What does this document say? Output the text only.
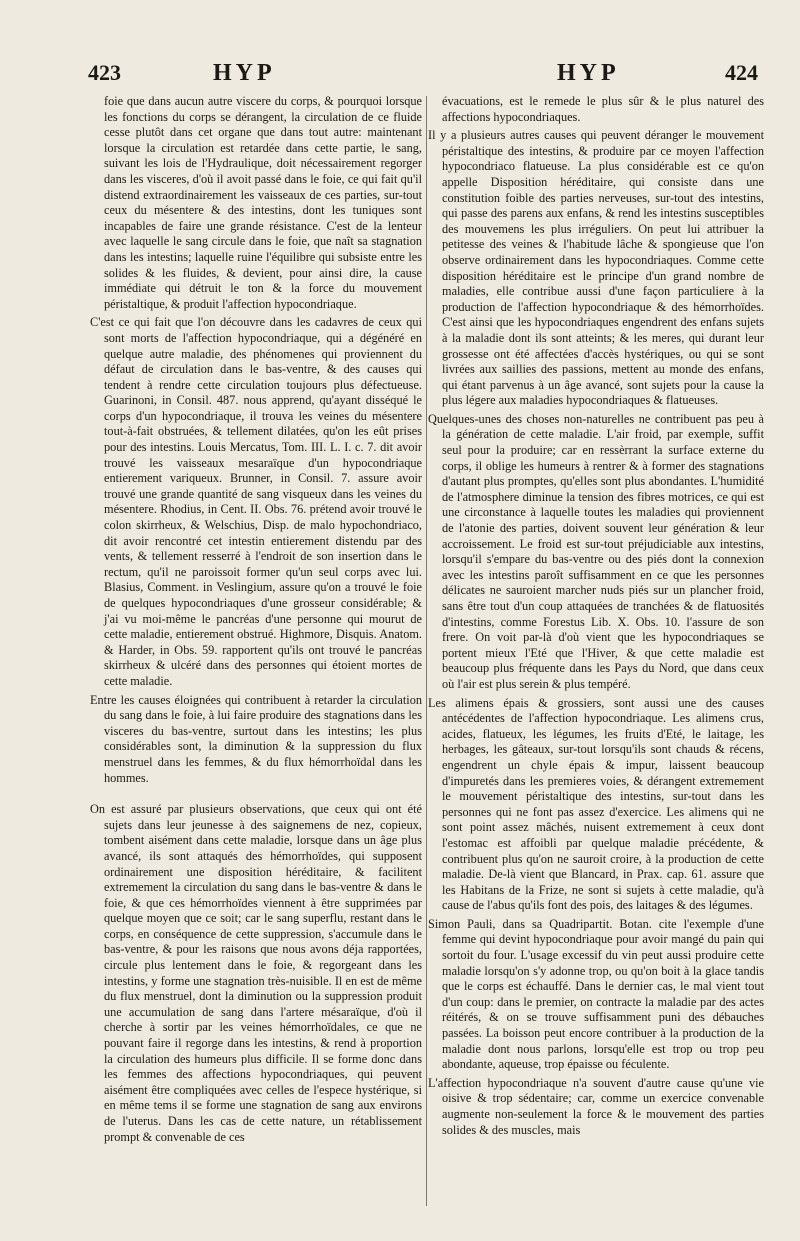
423	HYP	HYP	424

foie que dans aucun autre viscere du corps, & pourquoi lorsque les fonctions du corps se dérangent, la circulation de ce fluide cesse plutôt dans cet organe que dans tout autre: maintenant lorsque la circulation est retardée dans cette partie, le sang, suivant les lois de l'Hydraulique, doit nécessairement regorger dans les visceres, d'où il avoit passé dans le foie, ce qui fait qu'il distend extraordinairement les vaisseaux de ces parties, sur-tout ceux du mésentere & des intestins, dont les tuniques sont incapables de faire une grande résistance. C'est de la lenteur avec laquelle le sang circule dans le foie, que naît sa stagnation dans les intestins; laquelle ruine l'équilibre qui subsiste entre les solides & les fluides, & devient, pour ainsi dire, la cause immédiate qui détruit le ton & la force du mouvement péristaltique, & produit l'affection hypocondriaque.

C'est ce qui fait que l'on découvre dans les cadavres de ceux qui sont morts de l'affection hypocondriaque, qui a dégénéré en quelque autre maladie, des phénomenes qui proviennent du défaut de circulation dans le bas-ventre, & des causes qui tendent à rendre cette circulation toujours plus défectueuse. Guarinoni, in Consil. 487. nous apprend, qu'ayant disséqué le corps d'un hypocondriaque, il trouva les veines du mésentere tout-à-fait obstruées, & tellement dilatées, qu'on les eût prises pour des intestins. Louis Mercatus, Tom. III. L. I. c. 7. dit avoir trouvé les vaisseaux mesaraïque d'un hypocondriaque entierement variqueux. Brunner, in Consil. 7. assure avoir trouvé une grande quantité de sang visqueux dans les veines du mésentere. Rhodius, in Cent. II. Obs. 76. prétend avoir trouvé le colon skirrheux, & Welschius, Disp. de malo hypochondriaco, dit avoir rencontré cet intestin entierement distendu par des vents, & tellement resserré à l'endroit de son insertion dans le rectum, qu'il ne paroissoit former qu'un seul corps avec lui. Blasius, Comment. in Veslingium, assure qu'on a trouvé le foie de quelques hypocondriaques d'une grosseur considérable; & j'ai vu moi-même le pancréas d'une personne qui mourut de cette maladie, entierement obstrué. Highmore, Disquis. Anatom. & Harder, in Obs. 59. rapportent qu'ils ont trouvé le pancréas skirrheux & ulcéré dans des personnes qui étoient mortes de cette maladie.

Entre les causes éloignées qui contribuent à retarder la circulation du sang dans le foie, à lui faire produire des stagnations dans les visceres du bas-ventre, surtout dans les intestins; les plus considérables sont, la diminution & la suppression du flux menstruel dans les femmes, & du flux hémorrhoïdal dans les hommes.

On est assuré par plusieurs observations, que ceux qui ont été sujets dans leur jeunesse à des saignemens de nez, copieux, tombent aisément dans cette maladie, lorsque dans un âge plus avancé, ils sont attaqués des hémorrhoïdes, qui supposent ordinairement une disposition héréditaire, & facilitent extremement la circulation du sang dans le bas-ventre & dans le foie, & que ces hémorrhoïdes viennent à être supprimées par quelque moyen que ce soit; car le sang superflu, restant dans le corps, en conséquence de cette suppression, s'accumule dans le bas-ventre, & pour les raisons que nous avons déja rapportées, circule plus lentement dans le foie, & regorgeant dans les intestins, y forme une stagnation très-nuisible. Il en est de même du flux menstruel, dont la diminution ou la suppression produit une accumulation de sang dans l'artere mésaraïque, d'où il cherche à sortir par les veines hémorrhoïdales, ce que ne pouvant faire il regorge dans les intestins, & rend à proportion la circulation des humeurs plus difficile. Il se forme donc dans les femmes des affections hypocondriaques, qui peuvent aisément être compliquées avec celles de l'espece hystérique, si en même tems il se forme une stagnation de sang aux environs de l'uterus. Dans les cas de cette nature, un rétablissement prompt & convenable de ces

évacuations, est le remede le plus sûr & le plus naturel des affections hypocondriaques.

Il y a plusieurs autres causes qui peuvent déranger le mouvement péristaltique des intestins, & produire par ce moyen l'affection hypocondriaco flatueuse. La plus considérable est ce qu'on appelle Disposition héréditaire, qui consiste dans une constitution foible des parties nerveuses, sur-tout des intestins, qui passe des parens aux enfans, & rend les intestins susceptibles des mouvemens les plus irréguliers. On peut lui attribuer la petitesse des veines & l'habitude lâche & spongieuse que l'on observe ordinairement dans les hypocondriaques. Comme cette disposition héréditaire est le principe d'un grand nombre de maladies, elle contribue aussi d'une façon particuliere à la production de l'affection hypocondriaque & des hémorrhoïdes. C'est ainsi que les hypocondriaques engendrent des enfans sujets à la maladie dont ils sont atteints; & les meres, qui durant leur grossesse ont été affectées d'accès hystériques, ou qui se sont livrées aux saillies des passions, mettent au monde des enfans, qui étant parvenus à un âge avancé, sont sujets pour la cause la plus légere aux maladies hypocondriaques & flatueuses.

Quelques-unes des choses non-naturelles ne contribuent pas peu à la génération de cette maladie. L'air froid, par exemple, suffit seul pour la produire; car en ressèrrant la surface externe du corps, il oblige les humeurs à rentrer & à former des stagnations d'autant plus promptes, qu'elles sont plus abondantes. L'humidité de l'atmosphere diminue la tension des fibres motrices, ce qui est une circonstance à laquelle toutes les maladies qui proviennent de l'atonie des parties, doivent souvent leur génération & leur accroissement. Le froid est sur-tout préjudiciable aux intestins, lorsqu'il s'empare du bas-ventre ou des piés dont la connexion avec les intestins paroît suffisamment en ce que les personnes délicates ne sauroient marcher nuds piés sur un plancher froid, sans être tout d'un coup attaquées de tranchées & de flatuosités d'intestins, comme Forestus Lib. X. Obs. 10. l'assure de son frere. On voit par-là d'où vient que les hypocondriaques se portent mieux l'Eté que l'Hiver, & que cette maladie est beaucoup plus fréquente dans les Pays du Nord, que dans ceux où l'air est plus serein & plus tempéré.

Les alimens épais & grossiers, sont aussi une des causes antécédentes de l'affection hypocondriaque. Les alimens crus, acides, flatueux, les légumes, les fruits d'Eté, le laitage, les herbages, les gâteaux, sur-tout lorsqu'ils sont chauds & récens, engendrent un chyle épais & impur, laissent beaucoup d'impuretés dans les premieres voies, & dérangent extremement le mouvement péristaltique des intestins, sur-tout dans les personnes qui ne font pas assez d'exercice. Les alimens qui ne sont point assez mâchés, nuisent extremement à ceux dont l'estomac est affoibli par quelque maladie précédente, & contribuent plus qu'on ne sauroit croire, à la production de cette maladie. De-là vient que Blancard, in Prax. cap. 61. assure que les Habitans de la Frize, ne sont si sujets à cette maladie, qu'à cause de l'abus qu'ils font des pois, des laitages & des légumes.

Simon Pauli, dans sa Quadripartit. Botan. cite l'exemple d'une femme qui devint hypocondriaque pour avoir mangé du pain qui sortoit du four. L'usage excessif du vin peut aussi produire cette maladie lorsqu'on s'y adonne trop, ou qu'on boit à la glace tandis que le corps est échauffé. Dans le dernier cas, le mal vient tout d'un coup: dans le premier, on contracte la maladie par des actes réitérés, & on se trouve suffisamment puni des débauches passées. La boisson peut encore contribuer à la production de la maladie dont nous parlons, lorsqu'elle est trop ou trop peu abondante, aqueuse, trop épaisse ou féculente.

L'affection hypocondriaque n'a souvent d'autre cause qu'une vie oisive & trop sédentaire; car, comme un exercice convenable augmente non-seulement la force & le mouvement des parties solides & des muscles, mais
